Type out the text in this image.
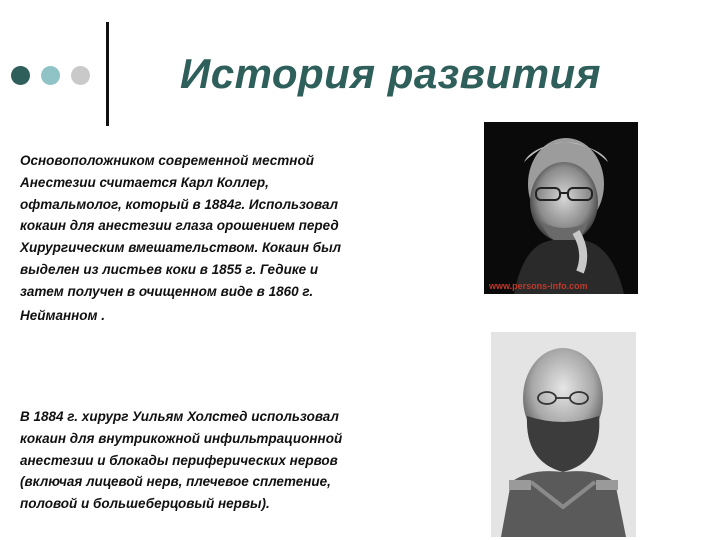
История развития
Основоположником современной местной
Анестезии считается Карл Коллер,
офтальмолог, который в 1884г. Использовал
кокаин для анестезии глаза орошением перед
Хирургическим вмешательством. Кокаин был
выделен из листьев коки в 1855 г. Гедике и
затем получен в очищенном виде в 1860 г.
Нейманном .
В 1884 г. хирург Уильям Холстед использовал
кокаин для внутрикожной инфильтрационной
анестезии и блокады периферических нервов
(включая лицевой нерв, плечевое сплетение,
половой и большеберцовый нервы).
www.persons-info.com
